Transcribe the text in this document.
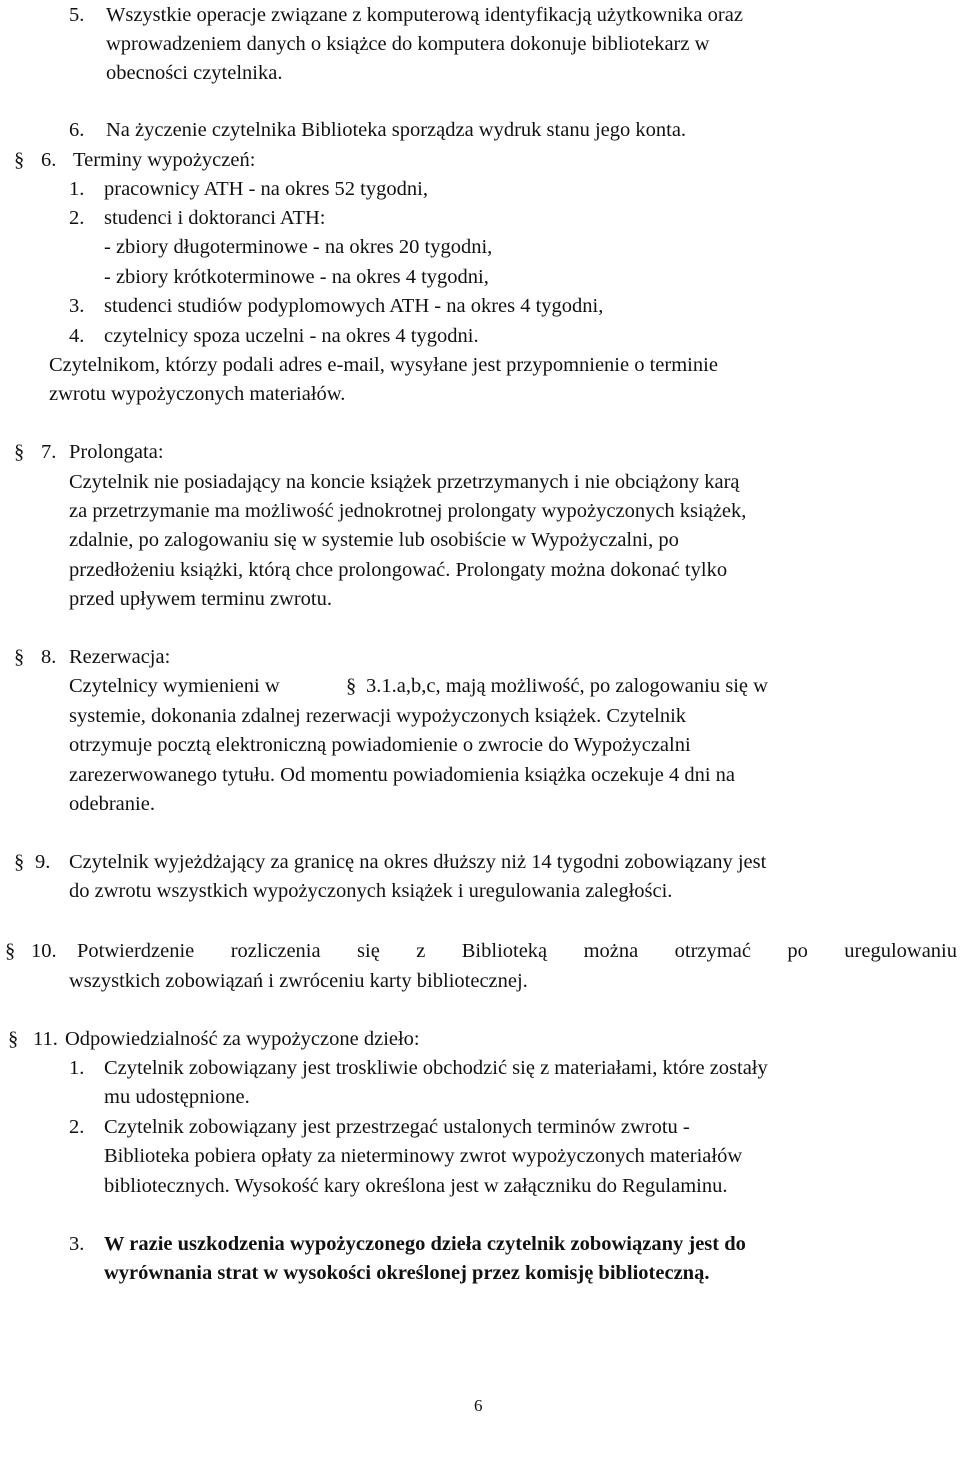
5. Wszystkie operacje związane z komputerową identyfikacją użytkownika oraz
wprowadzeniem danych o książce do komputera dokonuje bibliotekarz w
obecności czytelnika.
6. Na życzenie czytelnika Biblioteka sporządza wydruk stanu jego konta.
§ 6. Terminy wypożyczeń:
1. pracownicy ATH - na okres 52 tygodni,
2. studenci i doktoranci ATH:
- zbiory długoterminowe - na okres 20 tygodni,
- zbiory krótkoterminowe - na okres 4 tygodni,
3. studenci studiów podyplomowych ATH - na okres 4 tygodni,
4. czytelnicy spoza uczelni - na okres 4 tygodni.
Czytelnikom, którzy podali adres e-mail, wysyłane jest przypomnienie o terminie
zwrotu wypożyczonych materiałów.
§ 7. Prolongata:
Czytelnik nie posiadający na koncie książek przetrzymanych i nie obciążony karą
za przetrzymanie ma możliwość jednokrotnej prolongaty wypożyczonych książek,
zdalnie, po zalogowaniu się w systemie lub osobiście w Wypożyczalni, po
przedłożeniu książki, którą chce prolongować. Prolongaty można dokonać tylko
przed upływem terminu zwrotu.
§ 8. Rezerwacja:
Czytelnicy wymienieni w	§ 3.1.a,b,c, mają możliwość, po zalogowaniu się w
systemie, dokonania zdalnej rezerwacji wypożyczonych książek. Czytelnik
otrzymuje pocztą elektroniczną powiadomienie o zwrocie do Wypożyczalni
zarezerwowanego tytułu. Od momentu powiadomienia książka oczekuje 4 dni na
odebranie.
§ 9. Czytelnik wyjeżdżający za granicę na okres dłuższy niż 14 tygodni zobowiązany jest
do zwrotu wszystkich wypożyczonych książek i uregulowania zaległości.
§ 10. Potwierdzenie rozliczenia się z Biblioteką można otrzymać po uregulowaniu
wszystkich zobowiązań i zwróceniu karty bibliotecznej.
§ 11. Odpowiedzialność za wypożyczone dzieło:
1. Czytelnik zobowiązany jest troskliwie obchodzić się z materiałami, które zostały
mu udostępnione.
2. Czytelnik zobowiązany jest przestrzegać ustalonych terminów zwrotu -
Biblioteka pobiera opłaty za nieterminowy zwrot wypożyczonych materiałów
bibliotecznych. Wysokość kary określona jest w załączniku do Regulaminu.
3. W razie uszkodzenia wypożyczonego dzieła czytelnik zobowiązany jest do
wyrównania strat w wysokości określonej przez komisję biblioteczną.
6
